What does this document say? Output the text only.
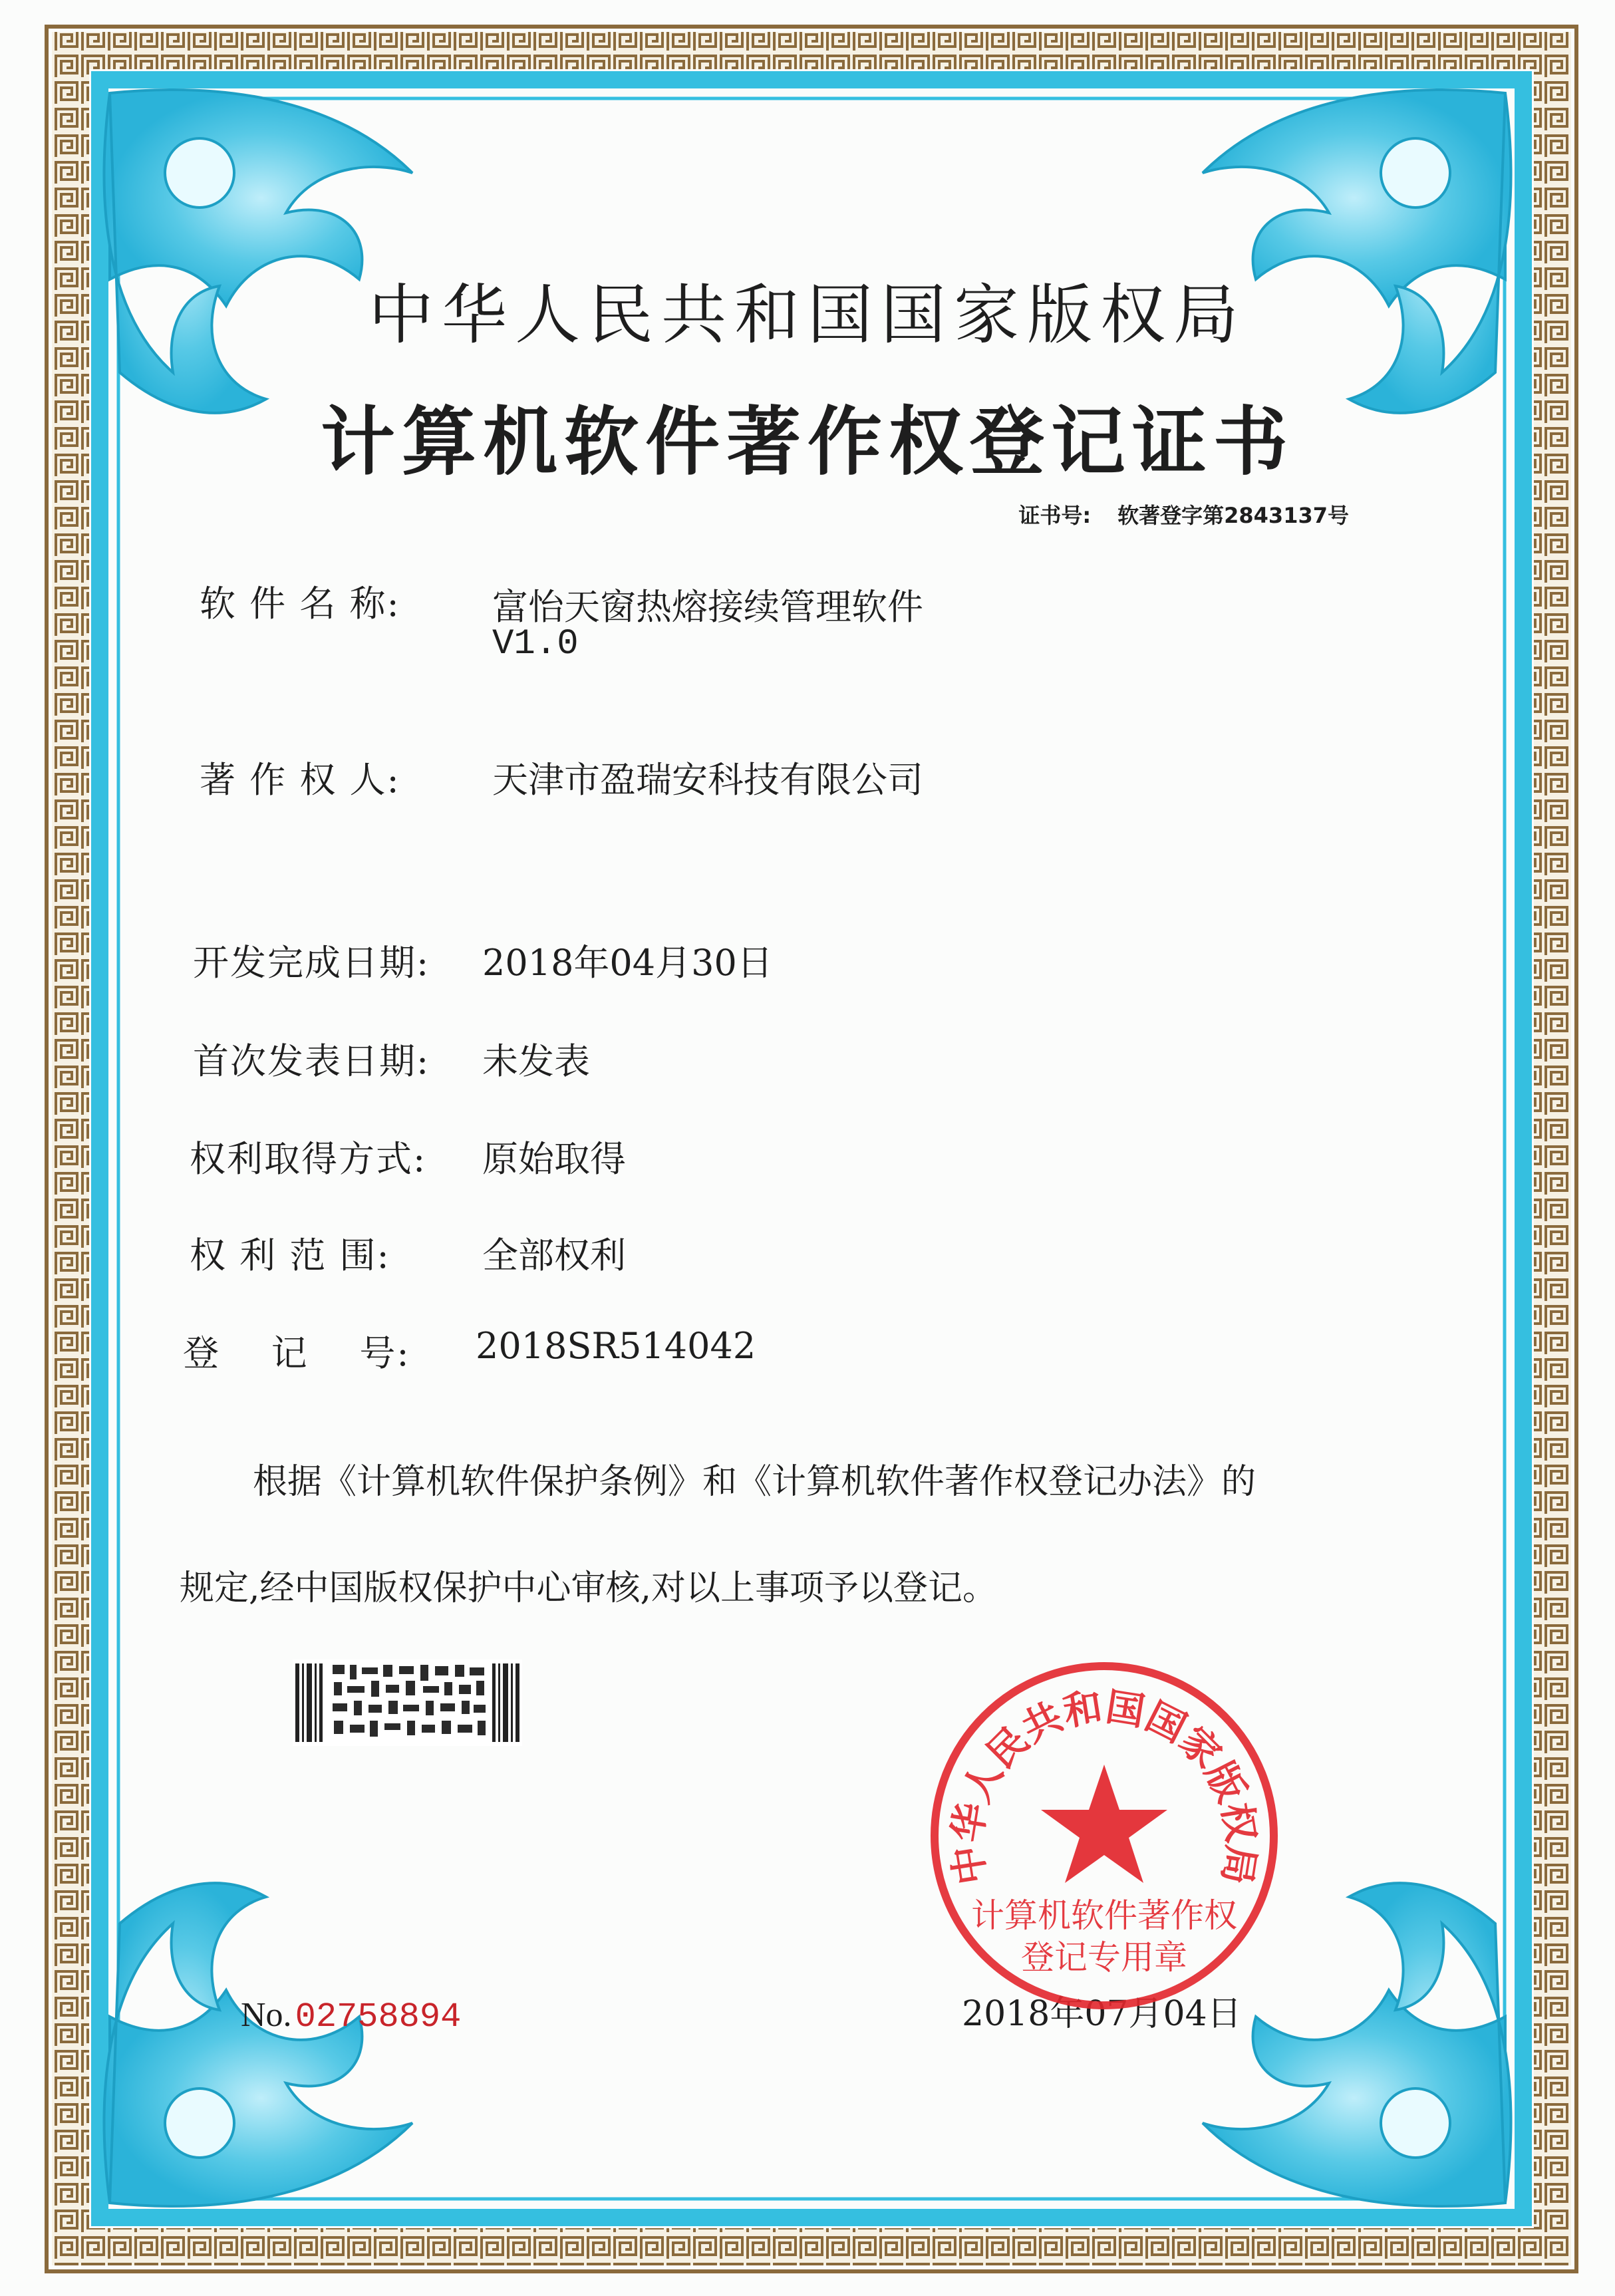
中华人民共和国国家版权局
计算机软件著作权登记证书
证书号: 软著登字第2843137号
软 件 名 称:	富怡天窗热熔接续管理软件
V1.0
著 作 权 人:	天津市盈瑞安科技有限公司
开发完成日期: 2018年04月30日
首次发表日期: 未发表
权利取得方式: 原始取得
权 利 范 围:	全部权利
登    记    号: 2018SR514042
根据《计算机软件保护条例》和《计算机软件著作权登记办法》的
规定,经中国版权保护中心审核,对以上事项予以登记。
No. 02758894	2018年07月04日
中华人民共和国国家版权局
计算机软件著作权
登记专用章
